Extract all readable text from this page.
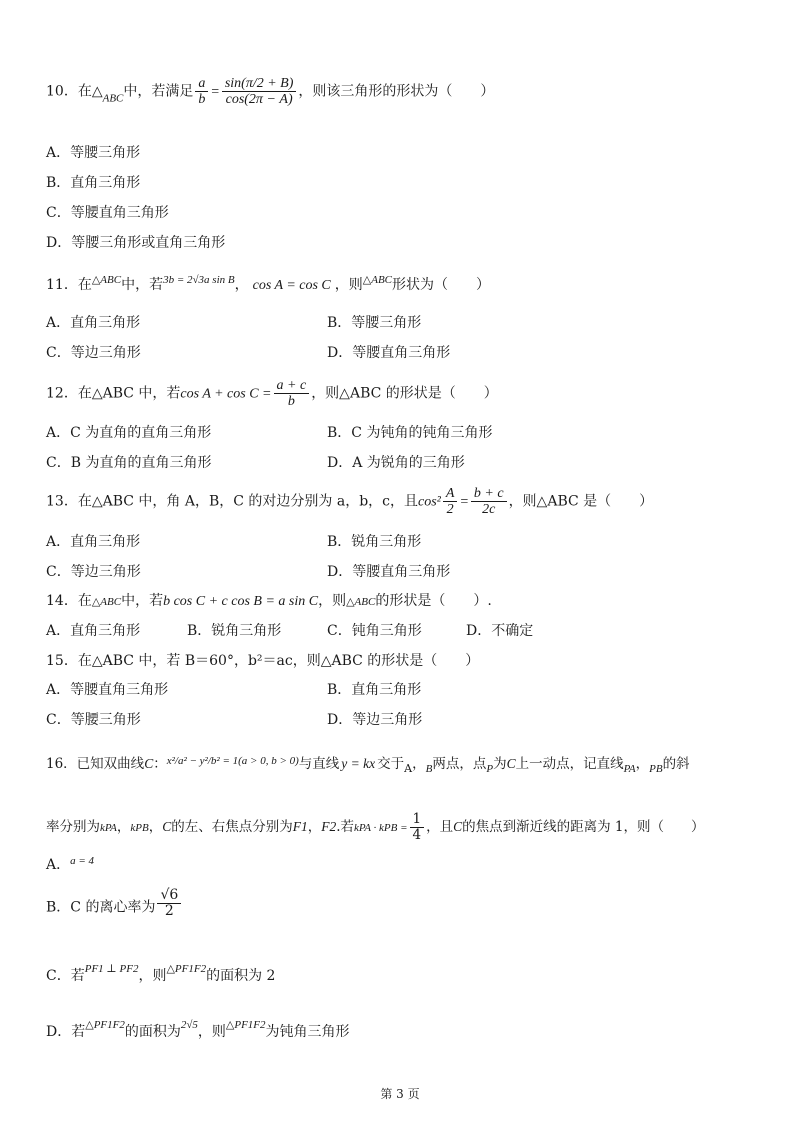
10．在$\triangle_{ABC}$中，若满足 $\frac{a}{b} = \frac{\sin(\pi/2 + B)}{\cos(2\pi - A)}$ ，则该三角形的形状为（　　）
A．等腰三角形
B．直角三角形
C．等腰直角三角形
D．等腰三角形或直角三角形
11．在$^{\triangle ABC}$中，若$^{3b = 2√3a sin B}$， cos A = cos C ，则$^{\triangle ABC}$形状为（　　）
A．直角三角形	B．等腰三角形
C．等边三角形	D．等腰直角三角形
12．在△ABC 中，若$\cos A + \cos C = \frac{a + c}{b}$ ，则△ABC 的形状是（　　）
A．C 为直角的直角三角形	B．C 为钝角的钝角三角形
C．B 为直角的直角三角形	D．A 为锐角的三角形
13．在△ABC 中，角 A，B，C 的对边分别为 a，b，c，且$\cos^2 \frac{A}{2} = \frac{b + c}{2c}$ ，则△ABC 是（　　）
A．直角三角形	B．锐角三角形
C．等边三角形	D．等腰直角三角形
14．在△ABC中，若b cos C + c cos B = a sin C，则△ABC的形状是（　　）.
A．直角三角形	B．锐角三角形	C．钝角三角形	D．不确定
15．在△ABC 中，若 B＝60°，b²＝ac，则△ABC 的形状是（　　）
A．等腰直角三角形	B．直角三角形
C．等腰三角形	D．等边三角形
16．已知双曲线C：$^{x^2/a^2 - y^2/b^2 = 1(a > 0, b > 0)}$与直线 y = kx 交于$_A$，$_B$两点，点$_P$为C上一动点，记直线$_{PA}$，$_{PB}$的斜
率分别为kPA，kPB，C的左、右焦点分别为F1，F2.若kPA · kPB = $\frac{1}{4}$ ，且C的焦点到渐近线的距离为 1，则（　　）
A．$^{a = 4}$
B．C 的离心率为 $\frac{√6}{2}$
C．若$^{PF1 \perp PF2}$，则$^{\triangle PF1F2}$的面积为 2
D．若$^{\triangle PF1F2}$的面积为$^{2√5}$，则$^{\triangle PF1F2}$为钝角三角形
第 3 页
